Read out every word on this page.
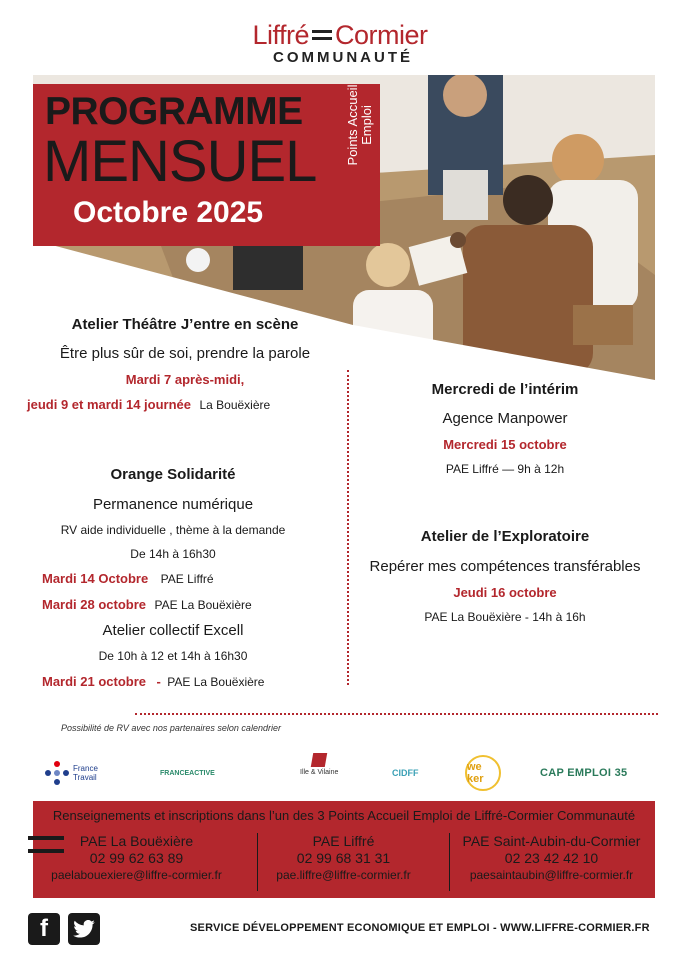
Liffré Cormier
COMMUNAUTÉ
PROGRAMME
MENSUEL
Octobre 2025
Points Accueil Emploi
Atelier Théâtre J’entre en scène
Être plus sûr de soi, prendre la parole
Mardi 7 après-midi,
jeudi 9 et mardi 14 journée La Bouëxière
Orange Solidarité
Permanence numérique
RV aide individuelle , thème à la demande
De 14h à 16h30
Mardi 14 Octobre PAE Liffré
Mardi 28 octobre PAE La Bouëxière
Atelier collectif Excell
De 10h à 12 et 14h à 16h30
Mardi 21 octobre - PAE La Bouëxière
Mercredi de l’intérim
Agence Manpower
Mercredi 15 octobre
PAE Liffré — 9h à 12h
Atelier de l’Exploratoire
Repérer mes compétences transférables
Jeudi 16 octobre
PAE La Bouëxière - 14h à 16h
Possibilité de RV avec nos partenaires selon calendrier
France
Travail	FRANCEACTIVE	Ille & Vilaine	CIDFF	we ker	CAP EMPLOI 35
Renseignements et inscriptions dans l’un des 3 Points Accueil Emploi de Liffré-Cormier Communauté
PAE La Bouëxière
02 99 62 63 89
paelabouexiere@liffre-cormier.fr
PAE Liffré
02 99 68 31 31
pae.liffre@liffre-cormier.fr
PAE Saint-Aubin-du-Cormier
02 23 42 42 10
paesaintaubin@liffre-cormier.fr
f	SERVICE DÉVELOPPEMENT ECONOMIQUE ET EMPLOI - WWW.LIFFRE-CORMIER.FR
